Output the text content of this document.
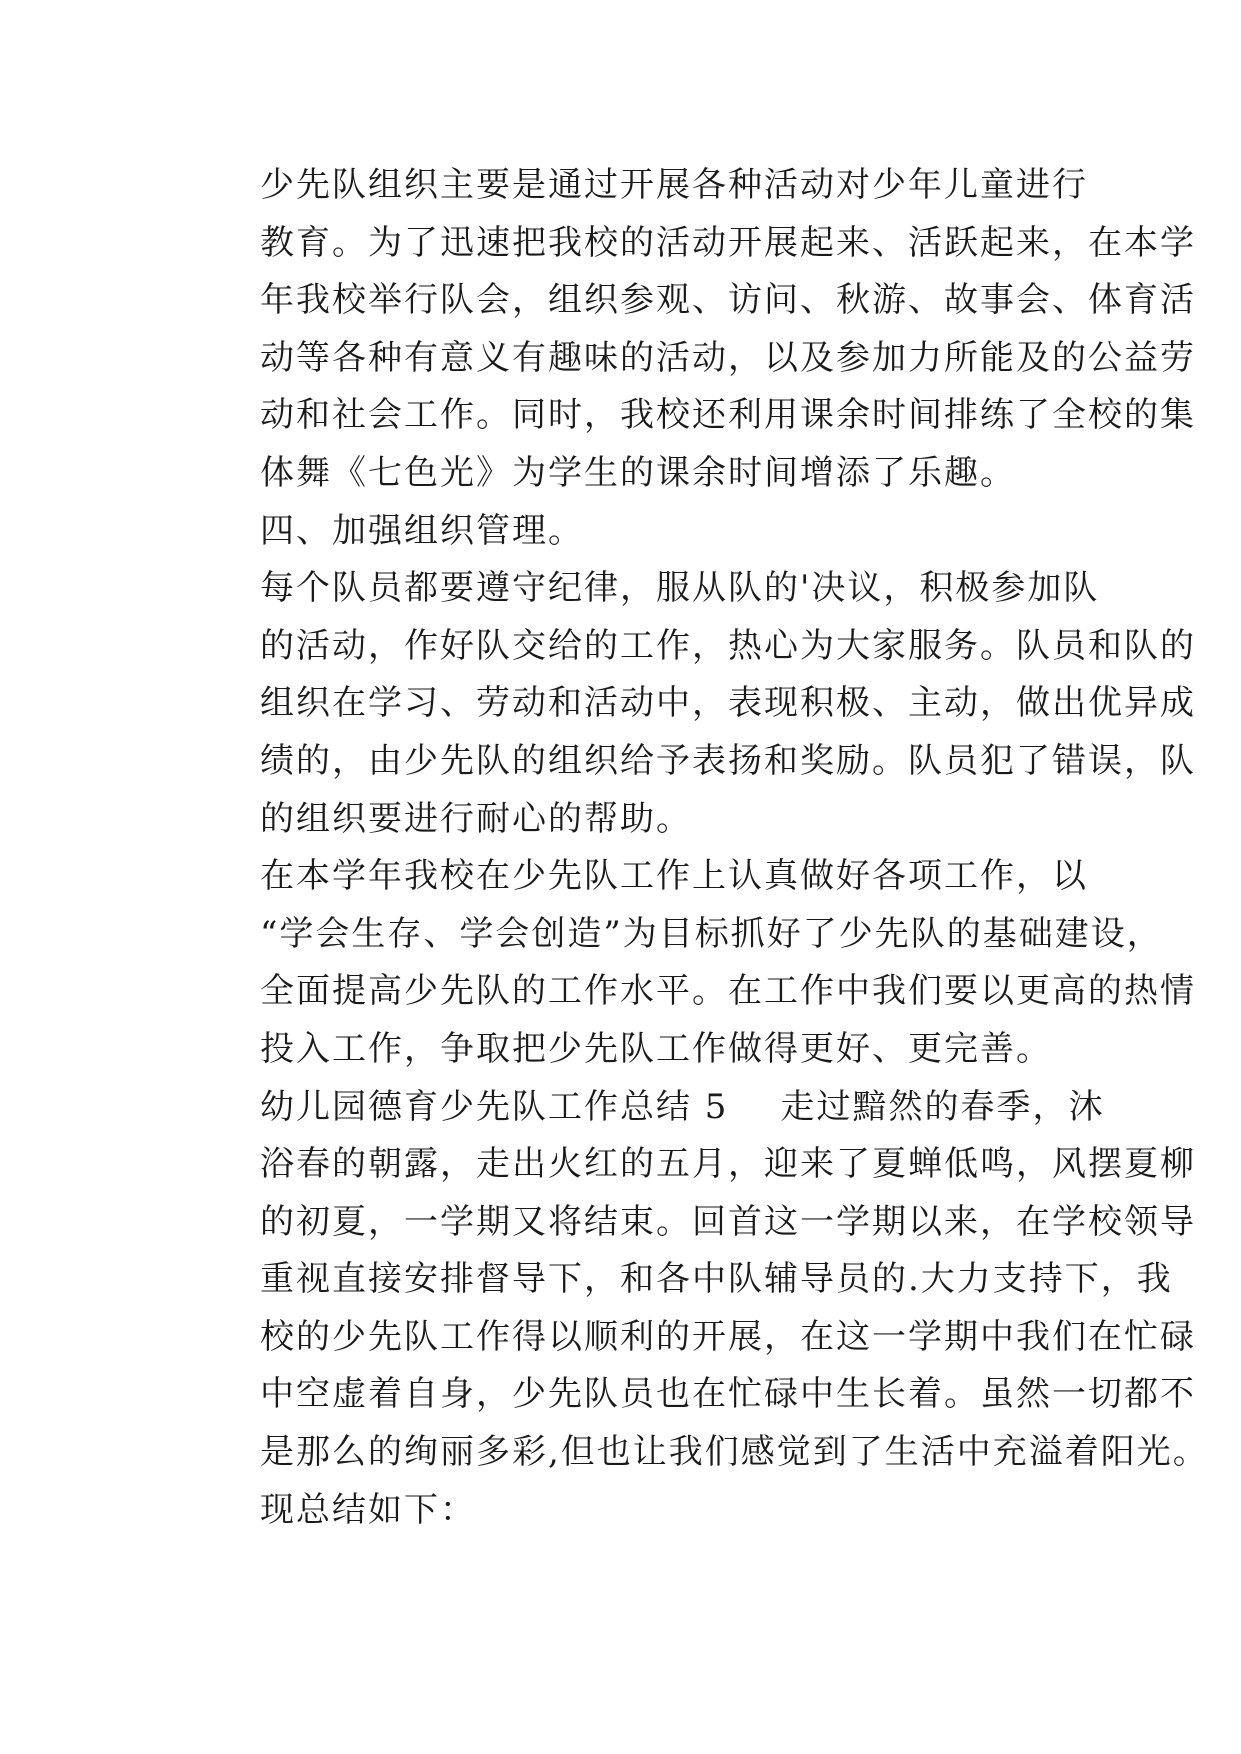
少先队组织主要是通过开展各种活动对少年儿童进行
教育。为了迅速把我校的活动开展起来、活跃起来，在本学
年我校举行队会，组织参观、访问、秋游、故事会、体育活
动等各种有意义有趣味的活动，以及参加力所能及的公益劳
动和社会工作。同时，我校还利用课余时间排练了全校的集
体舞《七色光》为学生的课余时间增添了乐趣。

四、加强组织管理。

每个队员都要遵守纪律，服从队的'决议，积极参加队
的活动，作好队交给的工作，热心为大家服务。队员和队的
组织在学习、劳动和活动中，表现积极、主动，做出优异成
绩的，由少先队的组织给予表扬和奖励。队员犯了错误，队
的组织要进行耐心的帮助。

在本学年我校在少先队工作上认真做好各项工作，以
“学会生存、学会创造”为目标抓好了少先队的基础建设，
全面提高少先队的工作水平。在工作中我们要以更高的热情
投入工作，争取把少先队工作做得更好、更完善。

幼儿园德育少先队工作总结 5 走过黯然的春季，沐
浴春的朝露，走出火红的五月，迎来了夏蝉低鸣，风摆夏柳
的初夏，一学期又将结束。回首这一学期以来，在学校领导
重视直接安排督导下，和各中队辅导员的.大力支持下，我
校的少先队工作得以顺利的开展，在这一学期中我们在忙碌
中空虚着自身，少先队员也在忙碌中生长着。虽然一切都不
是那么的绚丽多彩,但也让我们感觉到了生活中充溢着阳光。
现总结如下：
